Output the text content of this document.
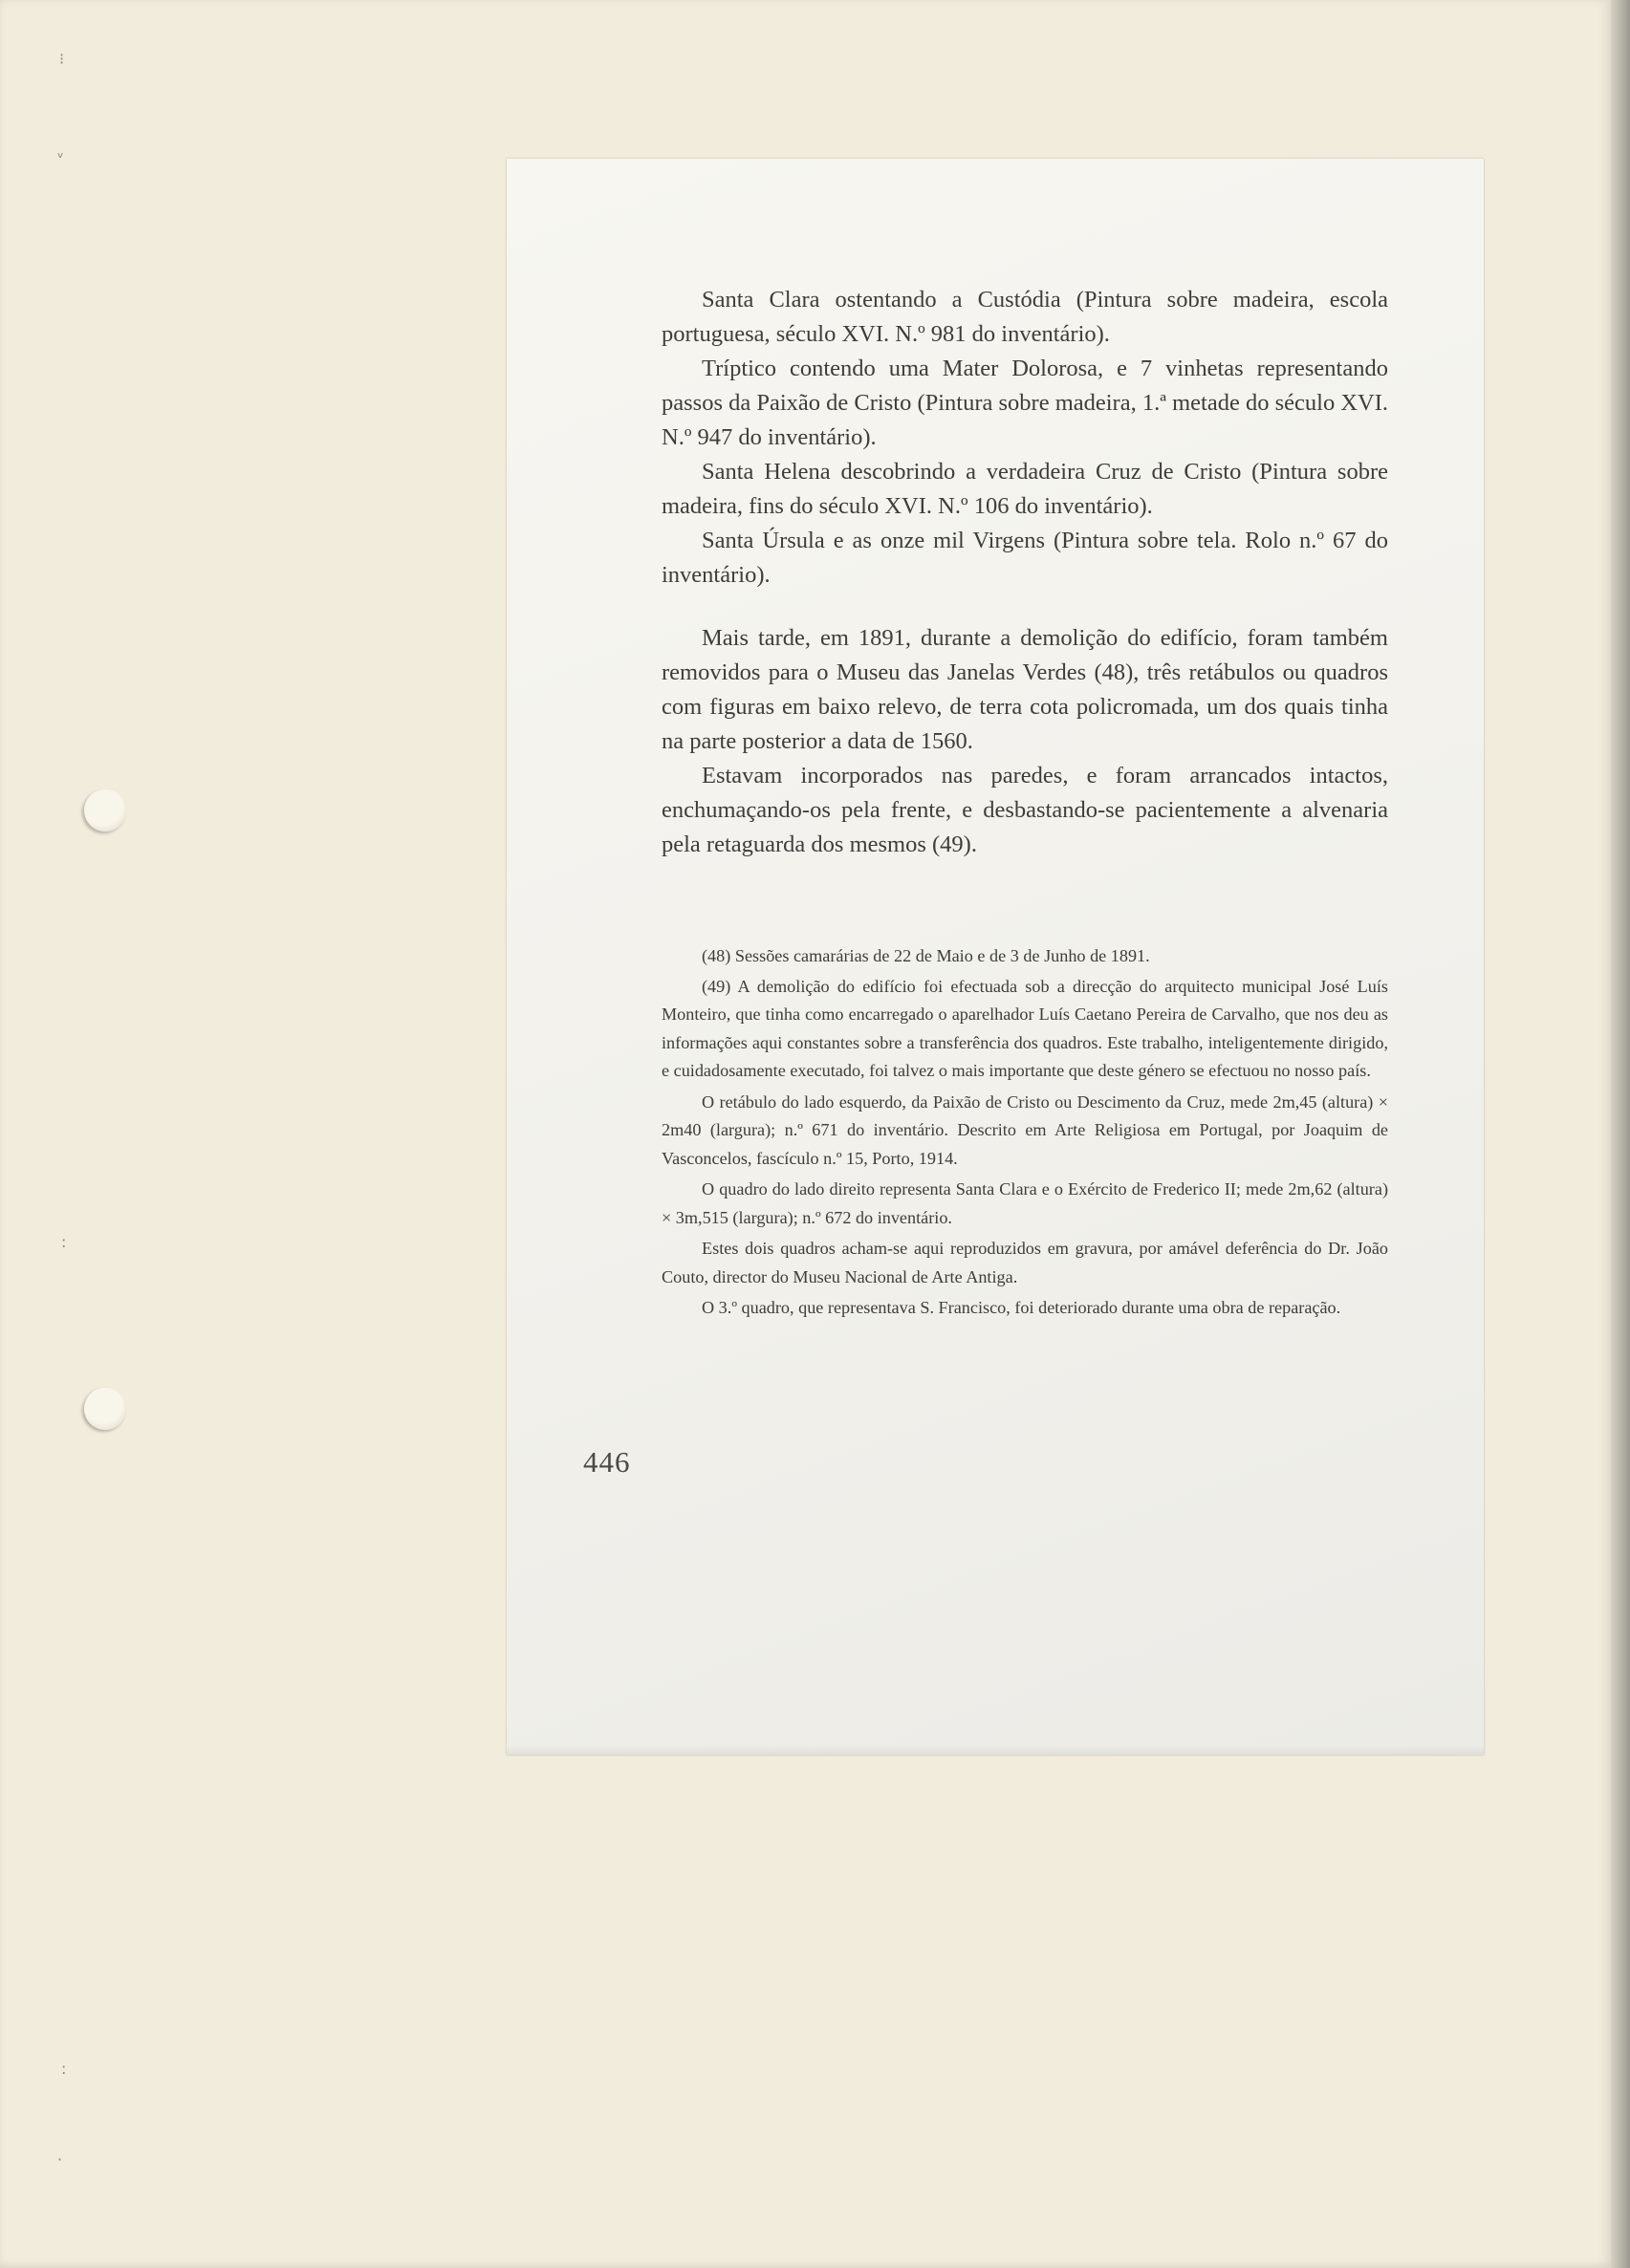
⁝
ᵥ
:
:
·

Santa Clara ostentando a Custódia (Pintura sobre madeira, escola portuguesa, século XVI. N.º 981 do inventário).

Tríptico contendo uma Mater Dolorosa, e 7 vinhetas representando passos da Paixão de Cristo (Pintura sobre madeira, 1.ª metade do século XVI. N.º 947 do inventário).

Santa Helena descobrindo a verdadeira Cruz de Cristo (Pintura sobre madeira, fins do século XVI. N.º 106 do inventário).

Santa Úrsula e as onze mil Virgens (Pintura sobre tela. Rolo n.º 67 do inventário).

Mais tarde, em 1891, durante a demolição do edifício, foram também removidos para o Museu das Janelas Verdes (48), três retábulos ou quadros com figuras em baixo relevo, de terra cota policromada, um dos quais tinha na parte posterior a data de 1560.

Estavam incorporados nas paredes, e foram arrancados intactos, enchumaçando-os pela frente, e desbastando-se pacientemente a alvenaria pela retaguarda dos mesmos (49).

(48) Sessões camarárias de 22 de Maio e de 3 de Junho de 1891.

(49) A demolição do edifício foi efectuada sob a direcção do arquitecto municipal José Luís Monteiro, que tinha como encarregado o aparelhador Luís Caetano Pereira de Carvalho, que nos deu as informações aqui constantes sobre a transferência dos quadros. Este trabalho, inteligentemente dirigido, e cuidadosamente executado, foi talvez o mais importante que deste género se efectuou no nosso país.

O retábulo do lado esquerdo, da Paixão de Cristo ou Descimento da Cruz, mede 2m,45 (altura) × 2m40 (largura); n.º 671 do inventário. Descrito em Arte Religiosa em Portugal, por Joaquim de Vasconcelos, fascículo n.º 15, Porto, 1914.

O quadro do lado direito representa Santa Clara e o Exército de Frederico II; mede 2m,62 (altura) × 3m,515 (largura); n.º 672 do inventário.

Estes dois quadros acham-se aqui reproduzidos em gravura, por amável deferência do Dr. João Couto, director do Museu Nacional de Arte Antiga.

O 3.º quadro, que representava S. Francisco, foi deteriorado durante uma obra de reparação.

446
